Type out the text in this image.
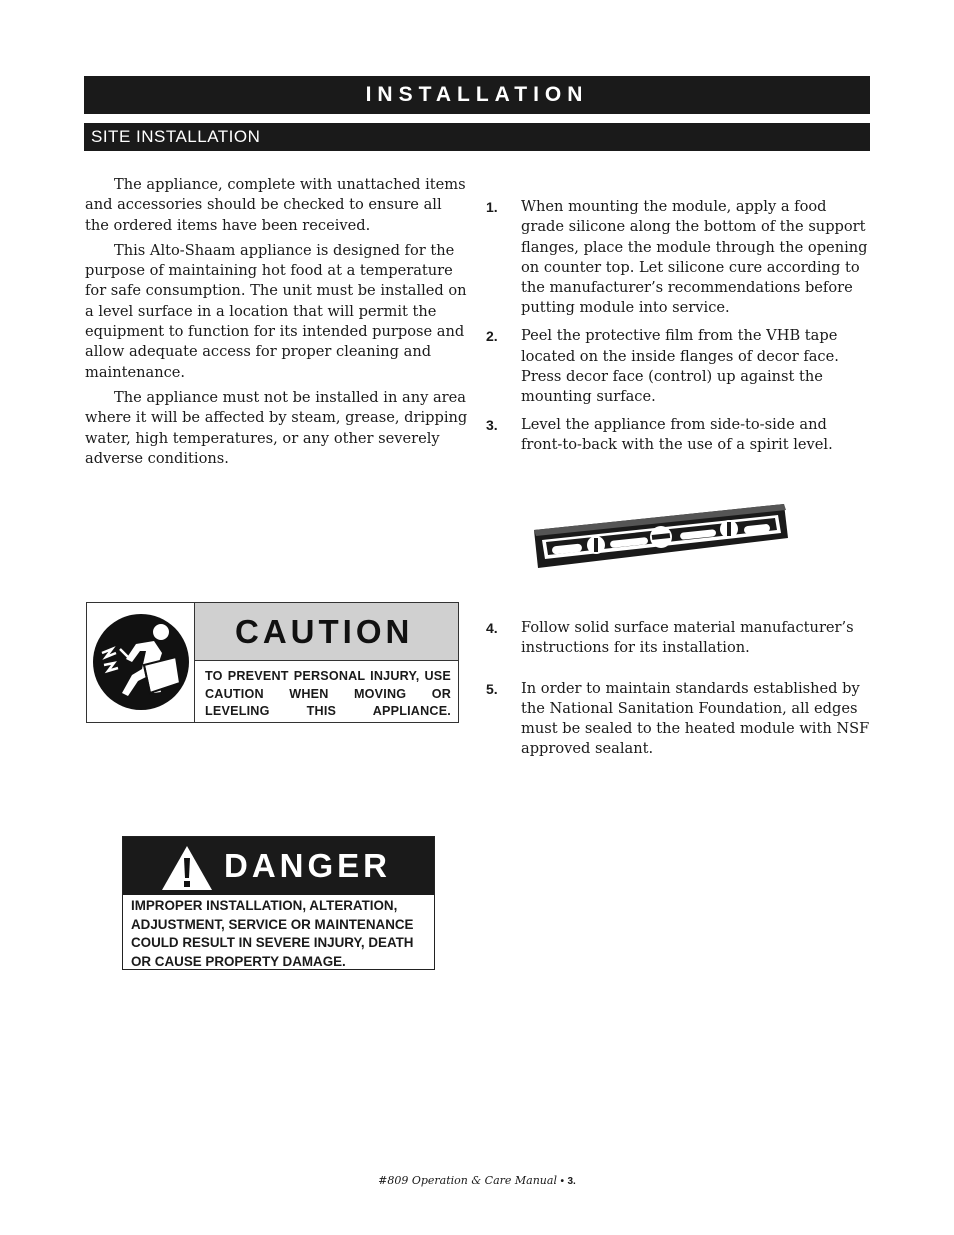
INSTALLATION
SITE INSTALLATION

The appliance, complete with unattached items and accessories should be checked to ensure all the ordered items have been received.

This Alto-Shaam appliance is designed for the purpose of maintaining hot food at a temperature for safe consumption. The unit must be installed on a level surface in a location that will permit the equipment to function for its intended purpose and allow adequate access for proper cleaning and maintenance.

The appliance must not be installed in any area where it will be affected by steam, grease, dripping water, high temperatures, or any other severely adverse conditions.

1. When mounting the module, apply a food grade silicone along the bottom of the support flanges, place the module through the opening on counter top. Let silicone cure according to the manufacturer’s recommendations before putting module into service.
2. Peel the protective film from the VHB tape located on the inside flanges of decor face. Press decor face (control) up against the mounting surface.
3. Level the appliance from side-to-side and front-to-back with the use of a spirit level.
4. Follow solid surface material manufacturer’s instructions for its installation.
5. In order to maintain standards established by the National Sanitation Foundation, all edges must be sealed to the heated module with NSF approved sealant.
CAUTION
TO PREVENT PERSONAL INJURY, USE CAUTION WHEN MOVING OR LEVELING THIS APPLIANCE.
DANGER
IMPROPER INSTALLATION, ALTERATION, ADJUSTMENT, SERVICE OR MAINTENANCE COULD RESULT IN SEVERE INJURY, DEATH OR CAUSE PROPERTY DAMAGE.
#809 Operation & Care Manual • 3.
